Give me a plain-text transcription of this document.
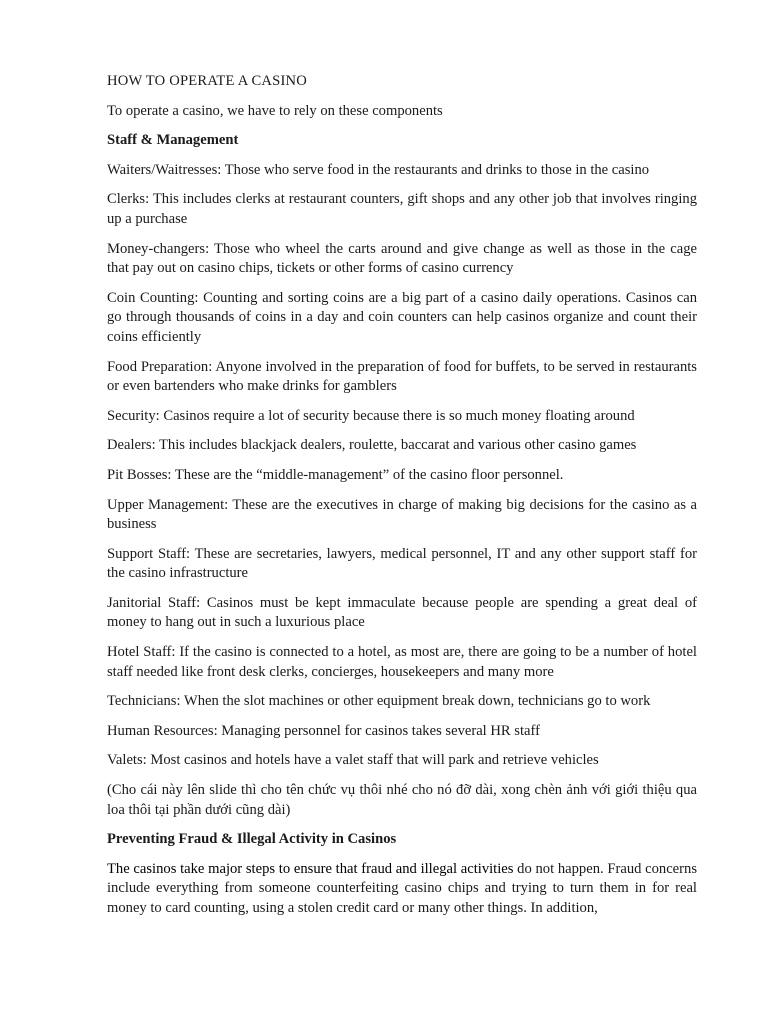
HOW TO OPERATE A CASINO

To operate a casino, we have to rely on these components

Staff & Management

Waiters/Waitresses: Those who serve food in the restaurants and drinks to those in the casino

Clerks: This includes clerks at restaurant counters, gift shops and any other job that involves ringing up a purchase

Money-changers: Those who wheel the carts around and give change as well as those in the cage that pay out on casino chips, tickets or other forms of casino currency

Coin Counting: Counting and sorting coins are a big part of a casino daily operations. Casinos can go through thousands of coins in a day and coin counters can help casinos organize and count their coins efficiently

Food Preparation: Anyone involved in the preparation of food for buffets, to be served in restaurants or even bartenders who make drinks for gamblers

Security: Casinos require a lot of security because there is so much money floating around

Dealers: This includes blackjack dealers, roulette, baccarat and various other casino games

Pit Bosses: These are the “middle-management” of the casino floor personnel.

Upper Management: These are the executives in charge of making big decisions for the casino as a business

Support Staff: These are secretaries, lawyers, medical personnel, IT and any other support staff for the casino infrastructure

Janitorial Staff: Casinos must be kept immaculate because people are spending a great deal of money to hang out in such a luxurious place

Hotel Staff: If the casino is connected to a hotel, as most are, there are going to be a number of hotel staff needed like front desk clerks, concierges, housekeepers and many more

Technicians: When the slot machines or other equipment break down, technicians go to work

Human Resources: Managing personnel for casinos takes several HR staff

Valets: Most casinos and hotels have a valet staff that will park and retrieve vehicles

(Cho cái này lên slide thì cho tên chức vụ thôi nhé cho nó đỡ dài, xong chèn ảnh với giới thiệu qua loa thôi tại phần dưới cũng dài)

Preventing Fraud & Illegal Activity in Casinos

The casinos take major steps to ensure that fraud and illegal activities do not happen. Fraud concerns include everything from someone counterfeiting casino chips and trying to turn them in for real money to card counting, using a stolen credit card or many other things. In addition,
